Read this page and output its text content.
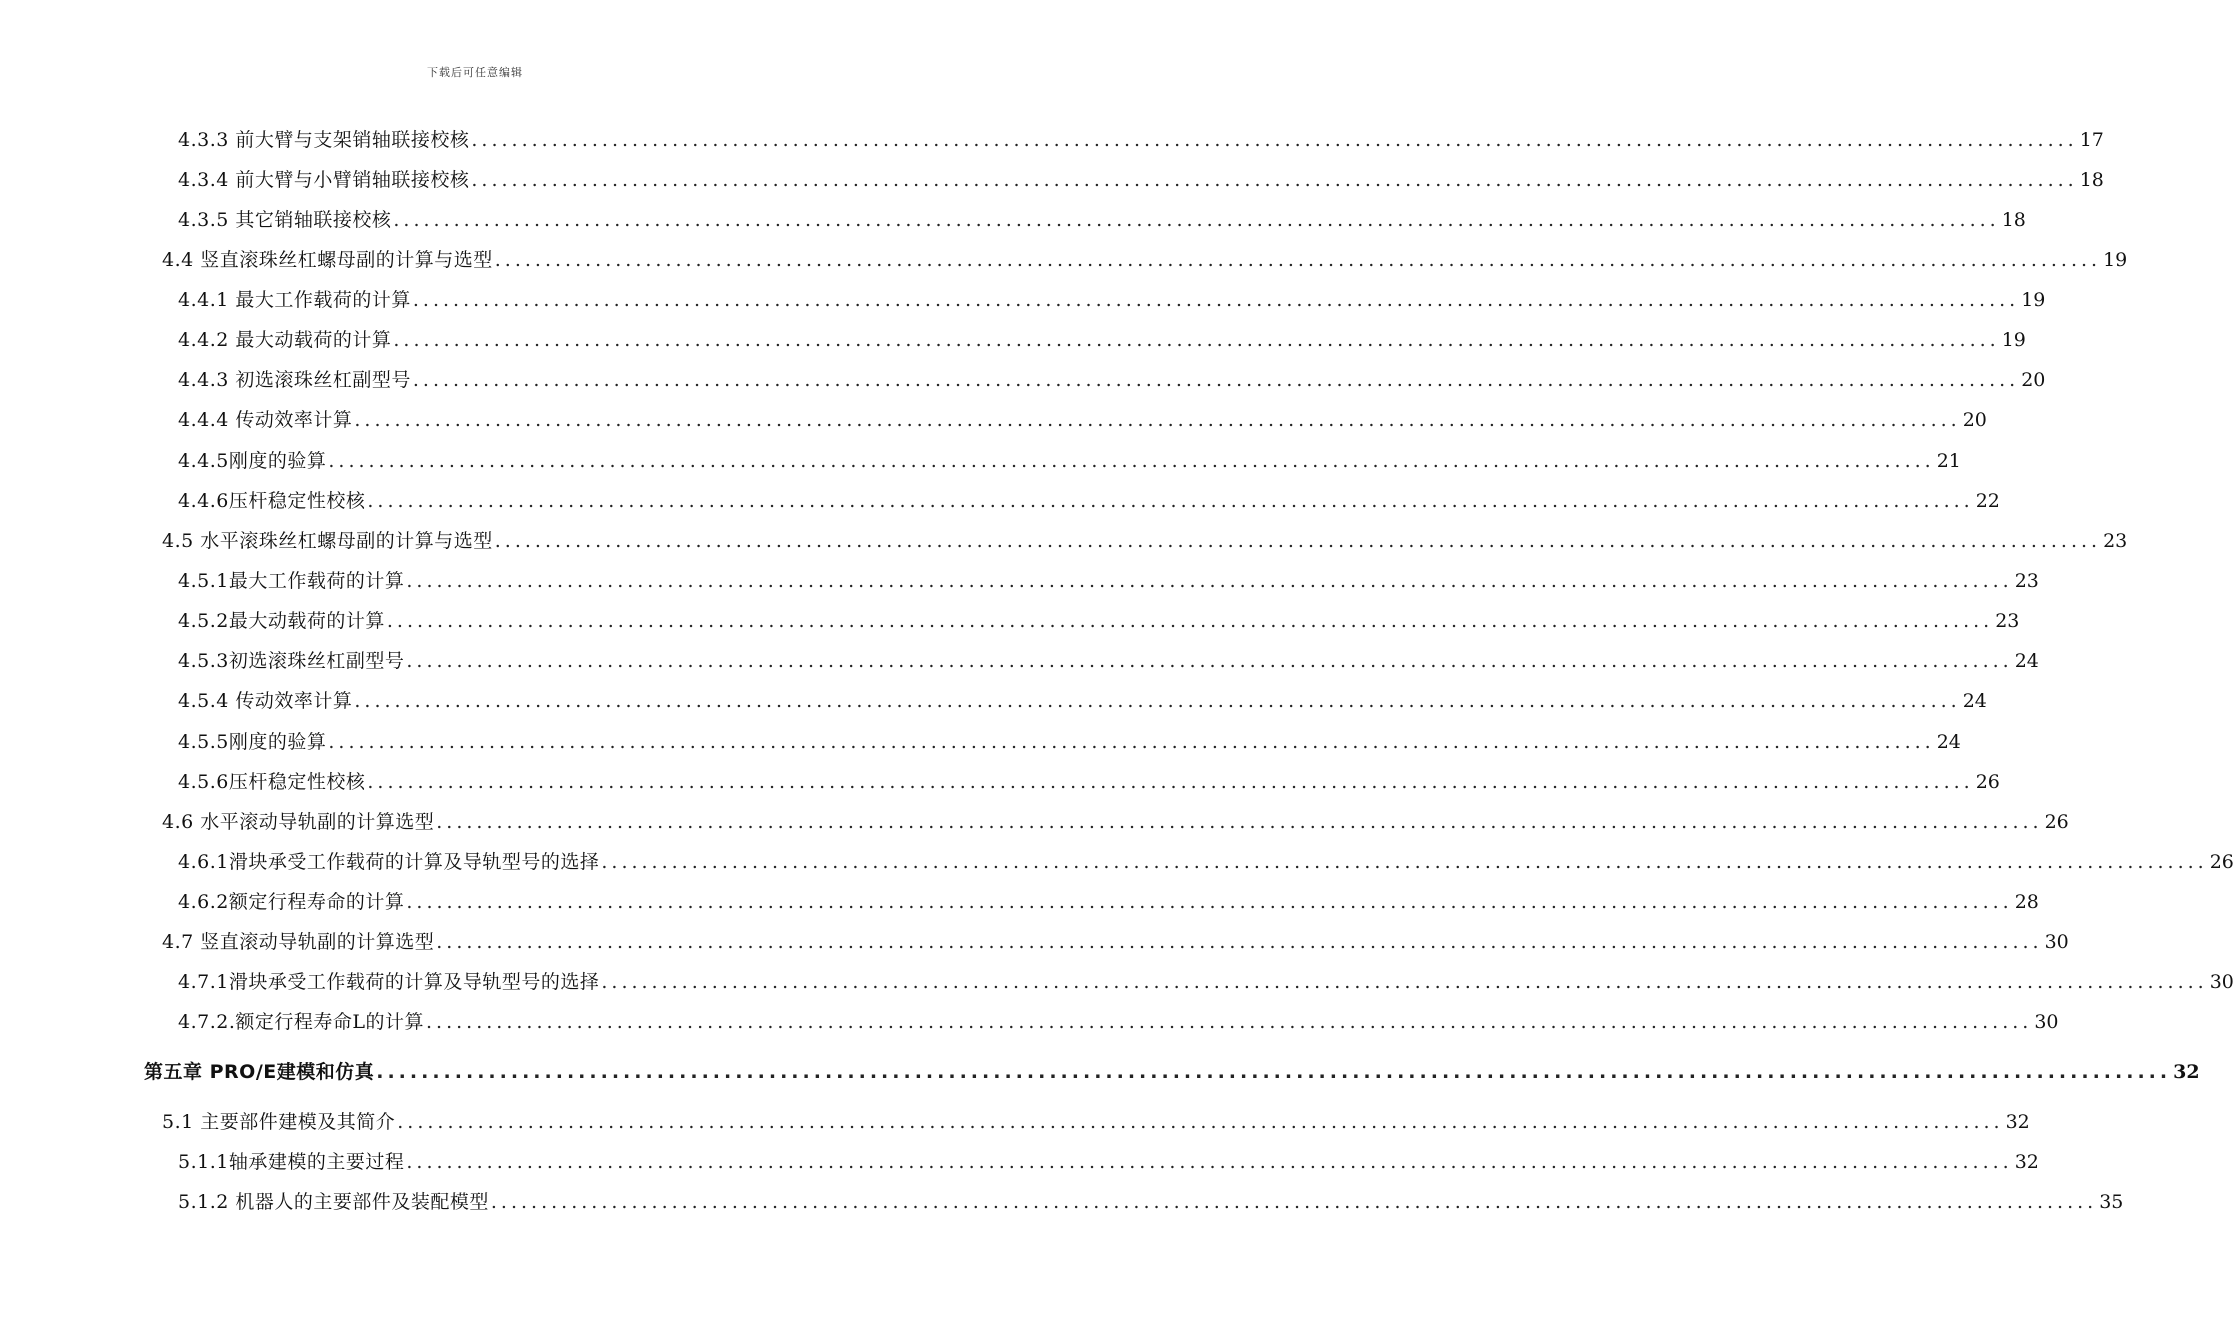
下载后可任意编辑
4.3.3 前大臂与支架销轴联接校核 ................................................................................................................................................................ 17
4.3.4 前大臂与小臂销轴联接校核 ................................................................................................................................................................ 18
4.3.5 其它销轴联接校核 ................................................................................................................................................................ 18
4.4 竖直滚珠丝杠螺母副的计算与选型 ................................................................................................................................................................ 19
4.4.1 最大工作载荷的计算 ................................................................................................................................................................ 19
4.4.2 最大动载荷的计算 ................................................................................................................................................................ 19
4.4.3 初选滚珠丝杠副型号 ................................................................................................................................................................ 20
4.4.4 传动效率计算 ................................................................................................................................................................ 20
4.4.5刚度的验算 ................................................................................................................................................................ 21
4.4.6压杆稳定性校核 ................................................................................................................................................................ 22
4.5 水平滚珠丝杠螺母副的计算与选型 ................................................................................................................................................................ 23
4.5.1最大工作载荷的计算 ................................................................................................................................................................ 23
4.5.2最大动载荷的计算 ................................................................................................................................................................ 23
4.5.3初选滚珠丝杠副型号 ................................................................................................................................................................ 24
4.5.4 传动效率计算 ................................................................................................................................................................ 24
4.5.5刚度的验算 ................................................................................................................................................................ 24
4.5.6压杆稳定性校核 ................................................................................................................................................................ 26
4.6 水平滚动导轨副的计算选型 ................................................................................................................................................................ 26
4.6.1滑块承受工作载荷的计算及导轨型号的选择 ................................................................................................................................................................ 26
4.6.2额定行程寿命的计算 ................................................................................................................................................................ 28
4.7 竖直滚动导轨副的计算选型 ................................................................................................................................................................ 30
4.7.1滑块承受工作载荷的计算及导轨型号的选择 ................................................................................................................................................................ 30
4.7.2.额定行程寿命L的计算 ................................................................................................................................................................ 30
第五章 PRO/E建模和仿真 ................................................................................................................................................................ 32
5.1 主要部件建模及其简介 ................................................................................................................................................................ 32
5.1.1轴承建模的主要过程 ................................................................................................................................................................ 32
5.1.2 机器人的主要部件及装配模型 ................................................................................................................................................................ 35
